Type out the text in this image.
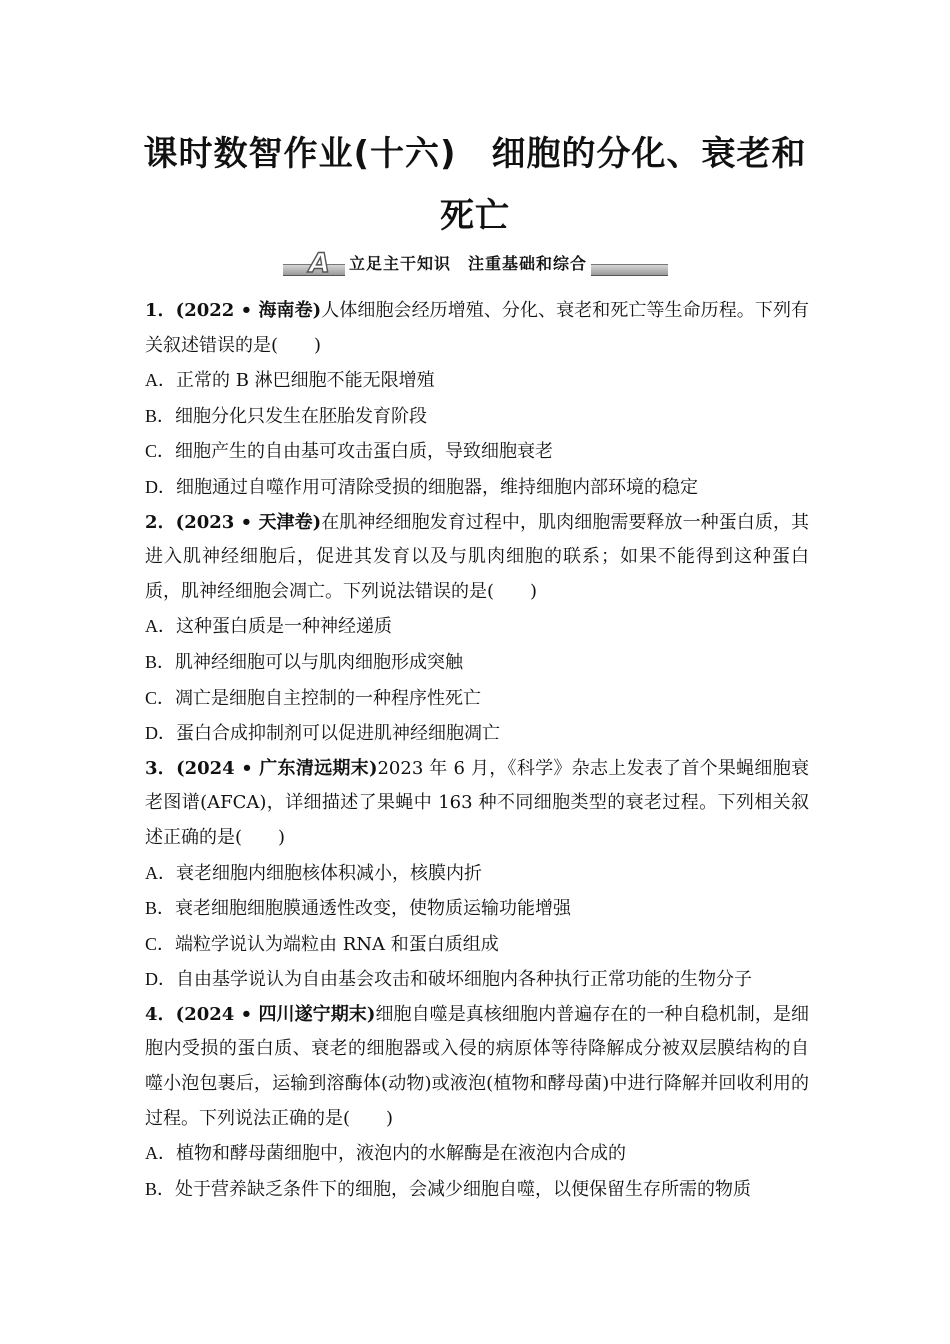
课时数智作业(十六)　细胞的分化、衰老和
死亡
A 立足主干知识　注重基础和综合
1．(2022 • 海南卷)人体细胞会经历增殖、分化、衰老和死亡等生命历程。下列有关叙述错误的是(　　)
A．正常的 B 淋巴细胞不能无限增殖
B．细胞分化只发生在胚胎发育阶段
C．细胞产生的自由基可攻击蛋白质，导致细胞衰老
D．细胞通过自噬作用可清除受损的细胞器，维持细胞内部环境的稳定
2．(2023 • 天津卷)在肌神经细胞发育过程中，肌肉细胞需要释放一种蛋白质，其进入肌神经细胞后，促进其发育以及与肌肉细胞的联系；如果不能得到这种蛋白质，肌神经细胞会凋亡。下列说法错误的是(　　)
A．这种蛋白质是一种神经递质
B．肌神经细胞可以与肌肉细胞形成突触
C．凋亡是细胞自主控制的一种程序性死亡
D．蛋白合成抑制剂可以促进肌神经细胞凋亡
3．(2024 • 广东清远期末)2023 年 6 月，《科学》杂志上发表了首个果蝇细胞衰老图谱(AFCA)，详细描述了果蝇中 163 种不同细胞类型的衰老过程。下列相关叙述正确的是(　　)
A．衰老细胞内细胞核体积减小，核膜内折
B．衰老细胞细胞膜通透性改变，使物质运输功能增强
C．端粒学说认为端粒由 RNA 和蛋白质组成
D．自由基学说认为自由基会攻击和破坏细胞内各种执行正常功能的生物分子
4．(2024 • 四川遂宁期末)细胞自噬是真核细胞内普遍存在的一种自稳机制，是细胞内受损的蛋白质、衰老的细胞器或入侵的病原体等待降解成分被双层膜结构的自噬小泡包裹后，运输到溶酶体(动物)或液泡(植物和酵母菌)中进行降解并回收利用的过程。下列说法正确的是(　　)
A．植物和酵母菌细胞中，液泡内的水解酶是在液泡内合成的
B．处于营养缺乏条件下的细胞，会减少细胞自噬，以便保留生存所需的物质
